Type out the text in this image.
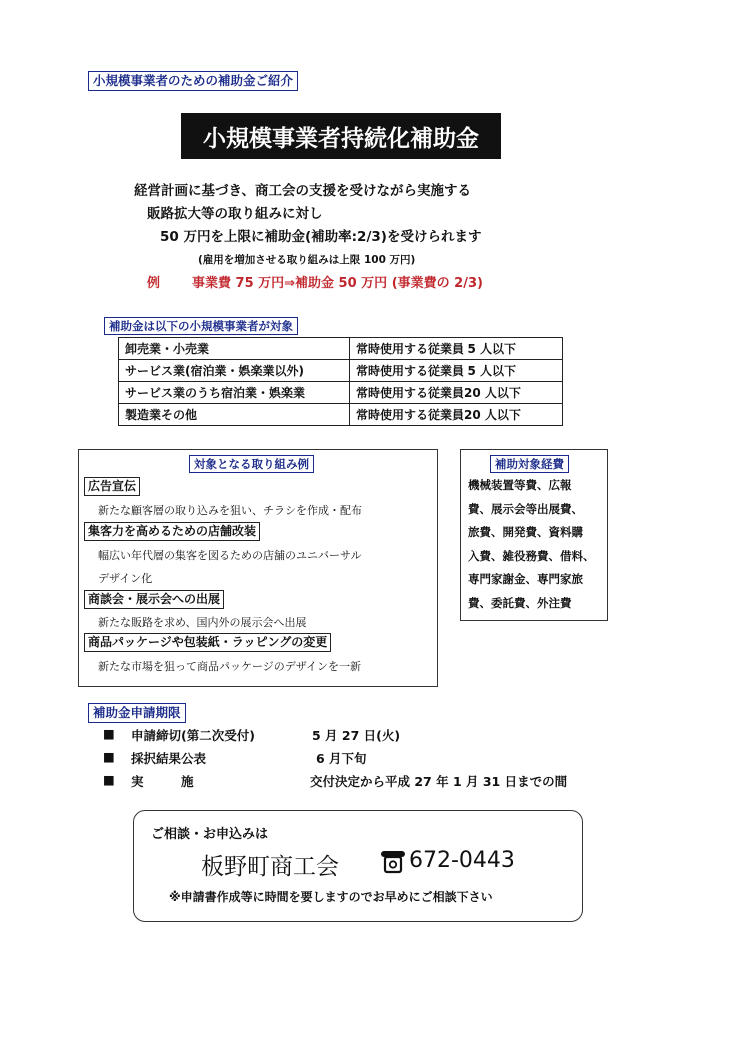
小規模事業者のための補助金ご紹介
小規模事業者持続化補助金
経営計画に基づき、商工会の支援を受けながら実施する
販路拡大等の取り組みに対し
50 万円を上限に補助金(補助率:2/3)を受けられます
(雇用を増加させる取り組みは上限 100 万円)
例 事業費 75 万円⇒補助金 50 万円 (事業費の 2/3)
補助金は以下の小規模事業者が対象
卸売業・小売業	常時使用する従業員 5 人以下
サービス業(宿泊業・娯楽業以外)	常時使用する従業員 5 人以下
サービス業のうち宿泊業・娯楽業	常時使用する従業員20 人以下
製造業その他	常時使用する従業員20 人以下
対象となる取り組み例
広告宣伝
新たな顧客層の取り込みを狙い、チラシを作成・配布
集客力を高めるための店舗改装
幅広い年代層の集客を図るための店舗のユニバーサル
デザイン化
商談会・展示会への出展
新たな販路を求め、国内外の展示会へ出展
商品パッケージや包装紙・ラッピングの変更
新たな市場を狙って商品パッケージのデザインを一新
補助対象経費
機械装置等費、広報
費、展示会等出展費、
旅費、開発費、資料購
入費、雑役務費、借料、
専門家謝金、専門家旅
費、委託費、外注費
補助金申請期限
■ 申請締切(第二次受付)	5 月 27 日(火)
■ 採択結果公表	6 月下旬
■ 実　　　施	交付決定から平成 27 年 1 月 31 日までの間
ご相談・お申込みは
板野町商工会	672-0443
※申請書作成等に時間を要しますのでお早めにご相談下さい
